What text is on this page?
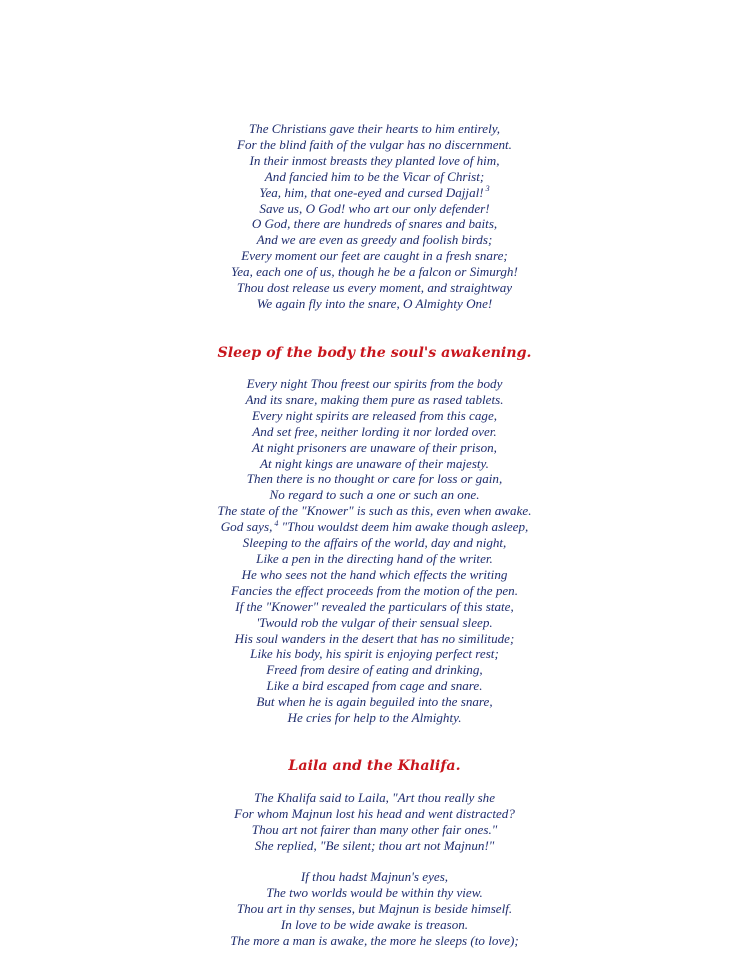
The Christians gave their hearts to him entirely,
For the blind faith of the vulgar has no discernment.
In their inmost breasts they planted love of him,
And fancied him to be the Vicar of Christ;
Yea, him, that one-eyed and cursed Dajjal! $^3$
Save us, O God! who art our only defender!
O God, there are hundreds of snares and baits,
And we are even as greedy and foolish birds;
Every moment our feet are caught in a fresh snare;
Yea, each one of us, though he be a falcon or Simurgh!
Thou dost release us every moment, and straightway
We again fly into the snare, O Almighty One!
Sleep of the body the soul's awakening.
Every night Thou freest our spirits from the body
And its snare, making them pure as rased tablets.
Every night spirits are released from this cage,
And set free, neither lording it nor lorded over.
At night prisoners are unaware of their prison,
At night kings are unaware of their majesty.
Then there is no thought or care for loss or gain,
No regard to such a one or such an one.
The state of the "Knower" is such as this, even when awake.
God says, $^4$ "Thou wouldst deem him awake though asleep,
Sleeping to the affairs of the world, day and night,
Like a pen in the directing hand of the writer.
He who sees not the hand which effects the writing
Fancies the effect proceeds from the motion of the pen.
If the "Knower" revealed the particulars of this state,
'Twould rob the vulgar of their sensual sleep.
His soul wanders in the desert that has no similitude;
Like his body, his spirit is enjoying perfect rest;
Freed from desire of eating and drinking,
Like a bird escaped from cage and snare.
But when he is again beguiled into the snare,
He cries for help to the Almighty.
Laila and the Khalifa.
The Khalifa said to Laila, "Art thou really she
For whom Majnun lost his head and went distracted?
Thou art not fairer than many other fair ones."
She replied, "Be silent; thou art not Majnun!"
If thou hadst Majnun's eyes,
The two worlds would be within thy view.
Thou art in thy senses, but Majnun is beside himself.
In love to be wide awake is treason.
The more a man is awake, the more he sleeps (to love);
